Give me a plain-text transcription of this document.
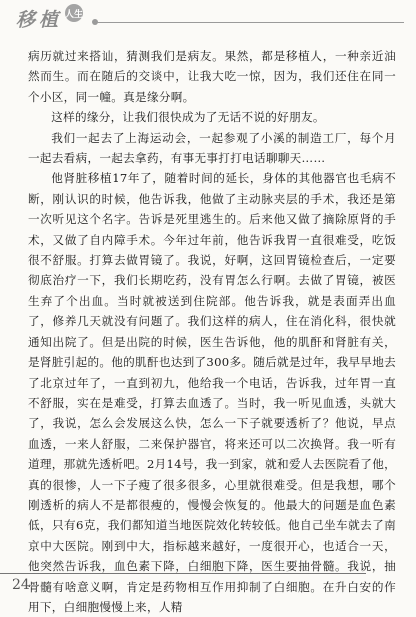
移植 人生

病历就过来搭讪，猜测我们是病友。果然，都是移植人，一种亲近油然而生。而在随后的交谈中，让我大吃一惊，因为，我们还住在同一个小区，同一幢。真是缘分啊。

这样的缘分，让我们很快成为了无话不说的好朋友。

我们一起去了上海运动会，一起参观了小溪的制造工厂，每个月一起去看病，一起去拿药，有事无事打打电话聊聊天……

他肾脏移植17年了，随着时间的延长，身体的其他器官也毛病不断，刚认识的时候，他告诉我，他做了主动脉夹层的手术，我还是第一次听见这个名字。告诉是死里逃生的。后来他又做了摘除原肾的手术，又做了自内障手术。今年过年前，他告诉我胃一直很难受，吃饭很不舒服。打算去做胃镜了。我说，好啊，这回胃镜检查后，一定要彻底治疗一下，我们长期吃药，没有胃怎么行啊。去做了胃镜，被医生弃了个出血。当时就被送到住院部。他告诉我，就是表面弄出血了，修养几天就没有问题了。我们这样的病人，住在消化科，很快就通知出院了。但是出院的时候，医生告诉他，他的肌酐和肾脏有关，是肾脏引起的。他的肌酐也达到了300多。随后就是过年，我早早地去了北京过年了，一直到初九，他给我一个电话，告诉我，过年胃一直不舒服，实在是难受，打算去血透了。当时，我一听见血透，头就大了，我说，怎么会发展这么快，怎么一下子就要透析了？他说，早点血透，一来人舒服，二来保护器官，将来还可以二次换肾。我一听有道理，那就先透析吧。2月14号，我一到家，就和爱人去医院看了他，真的很惨，人一下子瘦了很多很多，心里就很难受。但是我想，哪个刚透析的病人不是都很瘦的，慢慢会恢复的。他最大的问题是血色素低，只有6克，我们都知道当地医院效化转较低。他自己坐车就去了南京中大医院。刚到中大，指标越来越好，一度很开心，也适合一天，他突然告诉我，血色素下降，白细胞下降，医生要抽骨髓。我说，抽骨髓有啥意义啊，肯定是药物相互作用抑制了白细胞。在升白安的作用下，白细胞慢慢上来，人精

24
